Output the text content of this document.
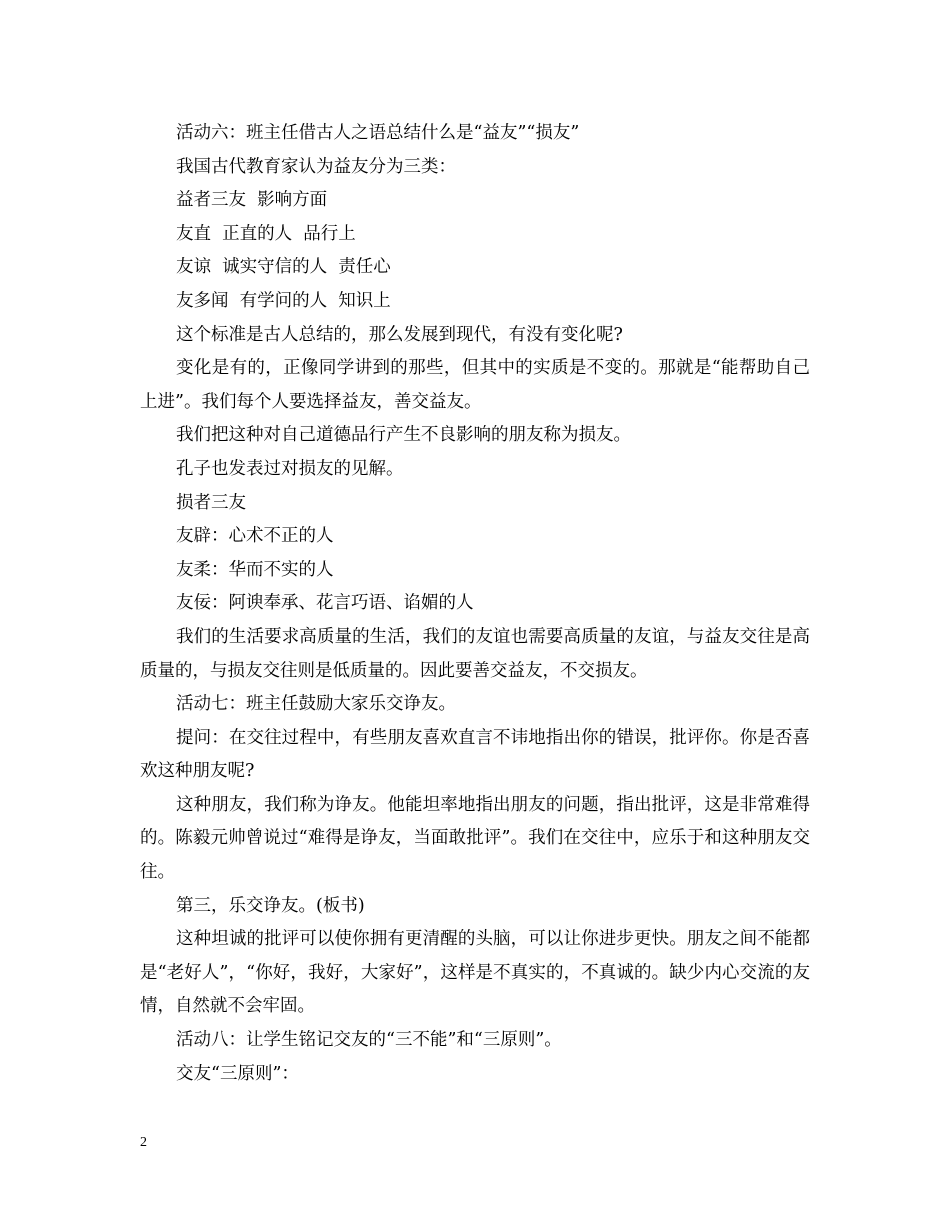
活动六：班主任借古人之语总结什么是“益友”“损友”

我国古代教育家认为益友分为三类：

益者三友  影响方面

友直  正直的人  品行上

友谅  诚实守信的人  责任心

友多闻  有学问的人  知识上

这个标准是古人总结的，那么发展到现代，有没有变化呢?

变化是有的，正像同学讲到的那些，但其中的实质是不变的。那就是“能帮助自己上进”。我们每个人要选择益友，善交益友。

我们把这种对自己道德品行产生不良影响的朋友称为损友。

孔子也发表过对损友的见解。

损者三友

友辟：心术不正的人

友柔：华而不实的人

友佞：阿谀奉承、花言巧语、谄媚的人

我们的生活要求高质量的生活，我们的友谊也需要高质量的友谊，与益友交往是高质量的，与损友交往则是低质量的。因此要善交益友，不交损友。

活动七：班主任鼓励大家乐交诤友。

提问：在交往过程中，有些朋友喜欢直言不讳地指出你的错误，批评你。你是否喜欢这种朋友呢?

这种朋友，我们称为诤友。他能坦率地指出朋友的问题，指出批评，这是非常难得的。陈毅元帅曾说过“难得是诤友，当面敢批评”。我们在交往中，应乐于和这种朋友交往。

第三，乐交诤友。(板书)

这种坦诚的批评可以使你拥有更清醒的头脑，可以让你进步更快。朋友之间不能都是“老好人”，“你好，我好，大家好”，这样是不真实的，不真诚的。缺少内心交流的友情，自然就不会牢固。

活动八：让学生铭记交友的“三不能”和“三原则”。

交友“三原则”：

2
